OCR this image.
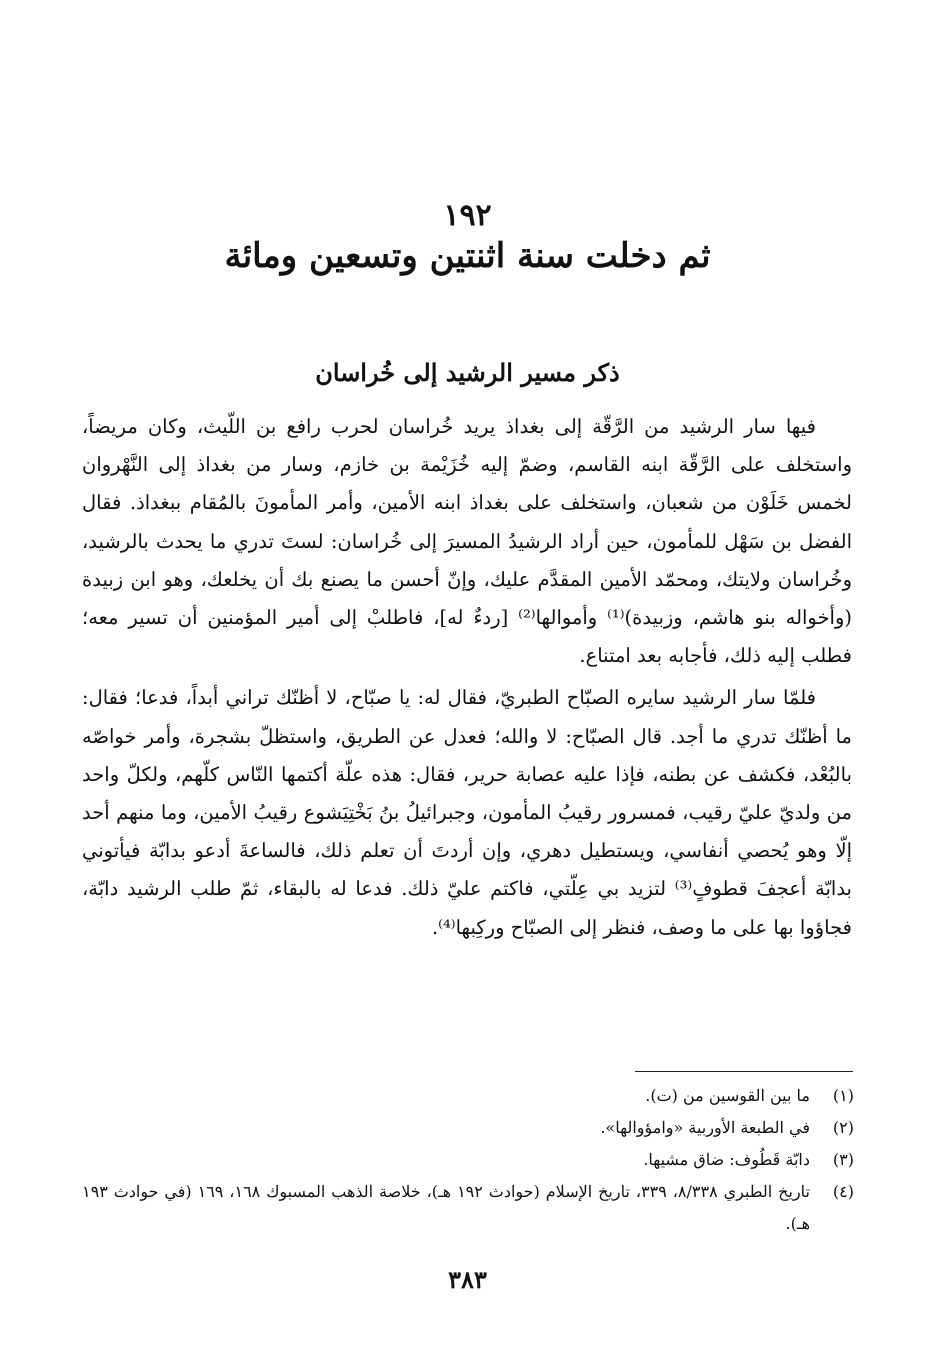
١٩٢
ثم دخلت سنة اثنتين وتسعين ومائة
ذكر مسير الرشيد إلى خُراسان

فيها سار الرشيد من الرَّقّة إلى بغداذ يريد خُراسان لحرب رافع بن اللّيث، وكان مريضاً، واستخلف على الرَّقّة ابنه القاسم، وضمّ إليه خُزَيْمة بن خازم، وسار من بغداذ إلى النَّهْروان لخمس خَلَوْن من شعبان، واستخلف على بغداذ ابنه الأمين، وأمر المأمونَ بالمُقام ببغداذ. فقال الفضل بن سَهْل للمأمون، حين أراد الرشيدُ المسيرَ إلى خُراسان: لستَ تدري ما يحدث بالرشيد، وخُراسان ولايتك، ومحمّد الأمين المقدَّم عليك، وإنّ أحسن ما يصنع بك أن يخلعك، وهو ابن زبيدة (وأخواله بنو هاشم، وزبيدة)⁽¹⁾ وأموالها⁽²⁾ [ردءٌ له]، فاطلبْ إلى أمير المؤمنين أن تسير معه؛ فطلب إليه ذلك، فأجابه بعد امتناع.

فلمّا سار الرشيد سايره الصبّاح الطبريّ، فقال له: يا صبّاح، لا أظنّك تراني أبداً، فدعا؛ فقال: ما أظنّك تدري ما أجد. قال الصبّاح: لا والله؛ فعدل عن الطريق، واستظلّ بشجرة، وأمر خواصّه بالبُعْد، فكشف عن بطنه، فإذا عليه عصابة حرير، فقال: هذه علّة أكتمها النّاس كلّهم، ولكلّ واحد من ولديّ عليّ رقيب، فمسرور رقيبُ المأمون، وجبرائيلُ بنُ بَخْتِيَشوع رقيبُ الأمين، وما منهم أحد إلّا وهو يُحصي أنفاسي، ويستطيل دهري، وإن أردتَ أن تعلم ذلك، فالساعةَ أدعو بدابّة فيأتوني بدابّة أعجفَ قطوفٍ⁽³⁾ لتزيد بي عِلّتي، فاكتم عليّ ذلك. فدعا له بالبقاء، ثمّ طلب الرشيد دابّة، فجاؤوا بها على ما وصف، فنظر إلى الصبّاح وركِبها⁽⁴⁾.

(١)
ما بين القوسين من (ت).
(٢)
في الطبعة الأوربية «وامؤوالها».
(٣)
دابّة قَطُوف: ضاق مشيها.
(٤)
تاريخ الطبري ٨/٣٣٨، ٣٣٩، تاريخ الإسلام (حوادث ١٩٢ هـ)، خلاصة الذهب المسبوك ١٦٨، ١٦٩ (في حوادث ١٩٣ هـ).
٣٨٣
